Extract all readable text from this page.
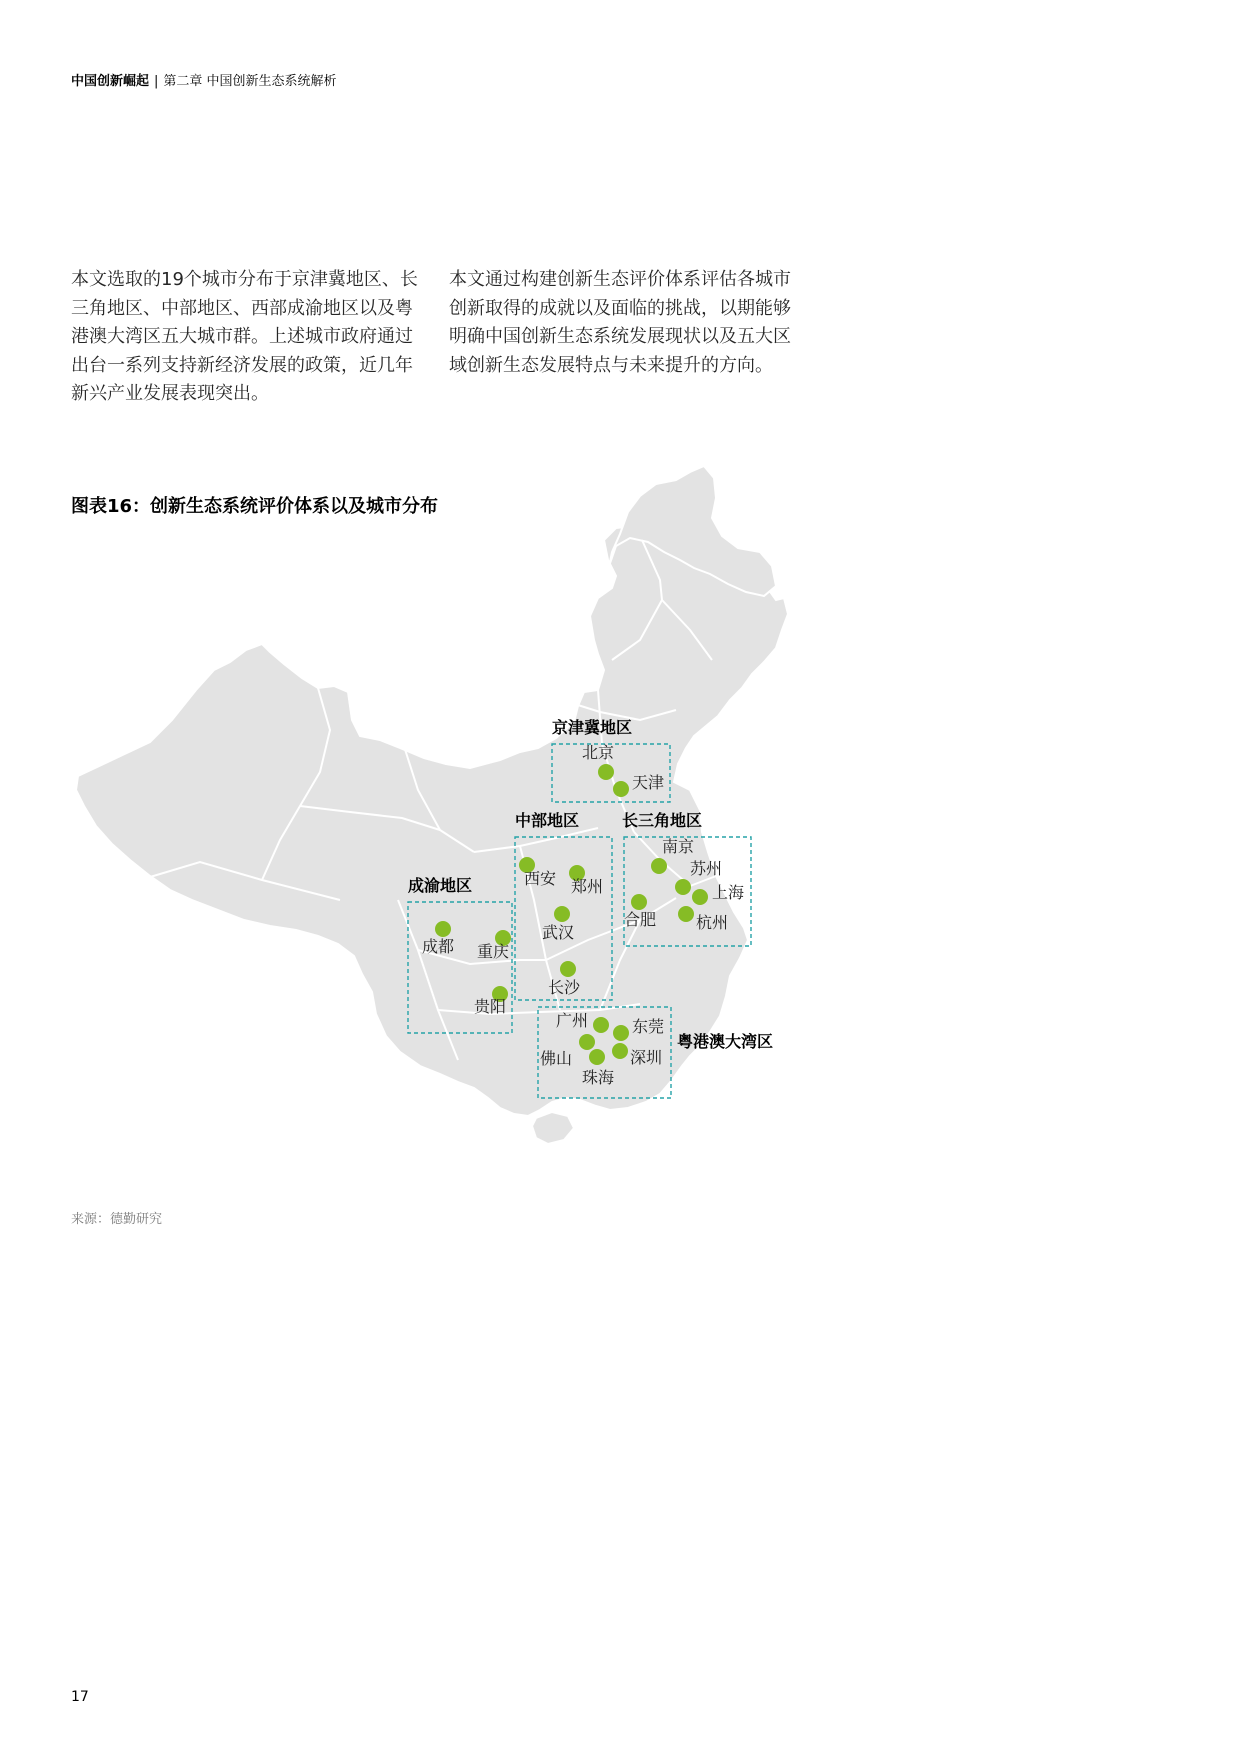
中国创新崛起 | 第二章 中国创新生态系统解析
本文选取的19个城市分布于京津冀地区、长三角地区、中部地区、西部成渝地区以及粤港澳大湾区五大城市群。上述城市政府通过出台一系列支持新经济发展的政策，近几年新兴产业发展表现突出。
本文通过构建创新生态评价体系评估各城市创新取得的成就以及面临的挑战，以期能够明确中国创新生态系统发展现状以及五大区域创新生态发展特点与未来提升的方向。
图表16：创新生态系统评价体系以及城市分布
京津冀地区
北京
天津
中部地区
西安 郑州
武汉
长沙
长三角地区
南京
苏州
上海
合肥 杭州
成渝地区
成都 重庆
贵阳
粤港澳大湾区
广州	东莞
佛山	深圳
珠海
来源：德勤研究
17
